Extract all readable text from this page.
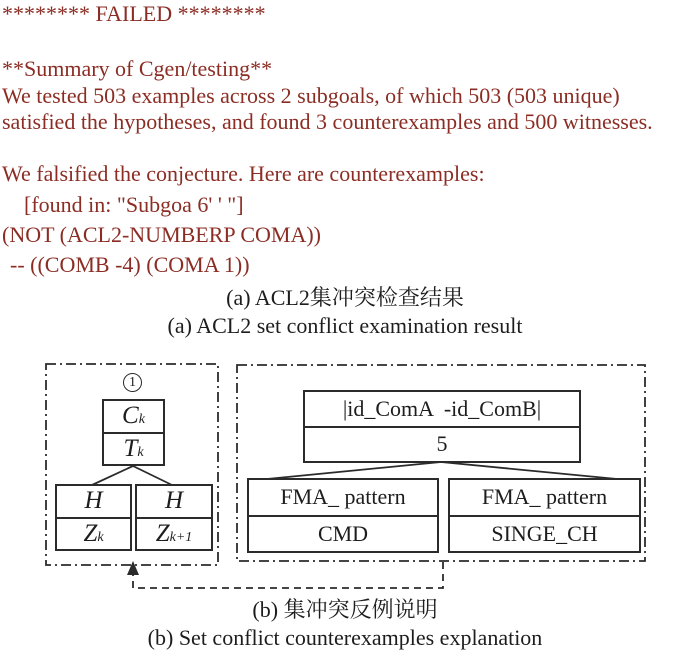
******** FAILED ********
**Summary of Cgen/testing**
We tested 503 examples across 2 subgoals, of which 503 (503 unique)
satisfied the hypotheses, and found 3 counterexamples and 500 witnesses.
We falsified the conjecture. Here are counterexamples:
[found in: "Subgoa 6' ' "]
(NOT (ACL2-NUMBERP COMA))
-- ((COMB -4) (COMA 1))
(a) ACL2集冲突检查结果
(a) ACL2 set conflict examination result
1
$C_k$
$T_k$
H
$Z_k$
H
$Z_{k+1}$
|id_ComA  -id_ComB|
5
FMA_ pattern
CMD
FMA_ pattern
SINGE_CH
(b) 集冲突反例说明
(b) Set conflict counterexamples explanation
